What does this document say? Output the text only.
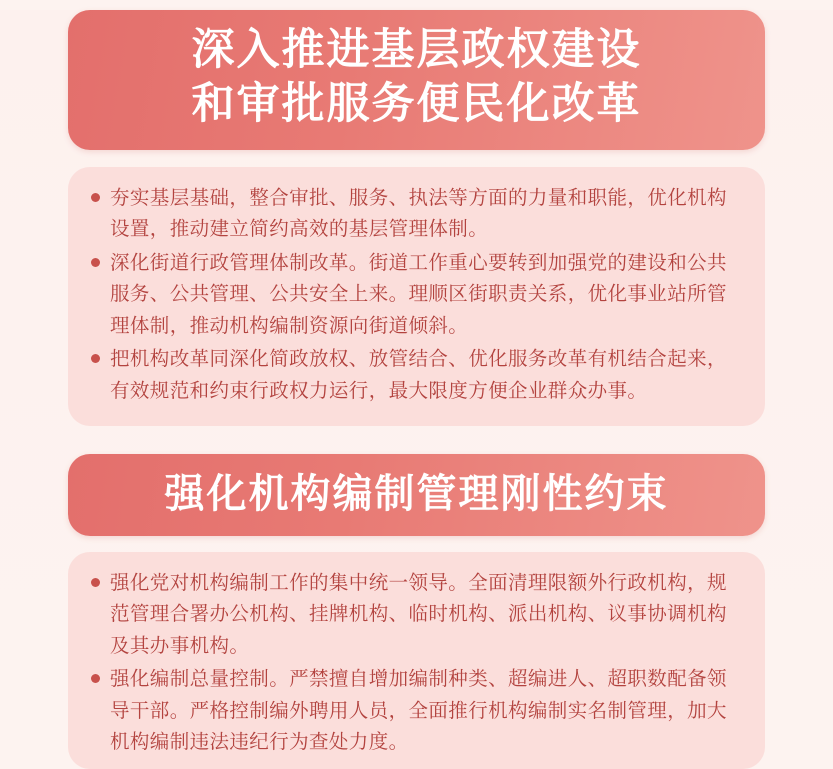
深入推进基层政权建设
和审批服务便民化改革

夯实基层基础，整合审批、服务、执法等方面的力量和职能，优化机构设置，推动建立简约高效的基层管理体制。

深化街道行政管理体制改革。街道工作重心要转到加强党的建设和公共服务、公共管理、公共安全上来。理顺区街职责关系，优化事业站所管理体制，推动机构编制资源向街道倾斜。

把机构改革同深化简政放权、放管结合、优化服务改革有机结合起来，有效规范和约束行政权力运行，最大限度方便企业群众办事。

强化机构编制管理刚性约束

强化党对机构编制工作的集中统一领导。全面清理限额外行政机构，规范管理合署办公机构、挂牌机构、临时机构、派出机构、议事协调机构及其办事机构。

强化编制总量控制。严禁擅自增加编制种类、超编进人、超职数配备领导干部。严格控制编外聘用人员，全面推行机构编制实名制管理，加大机构编制违法违纪行为查处力度。
